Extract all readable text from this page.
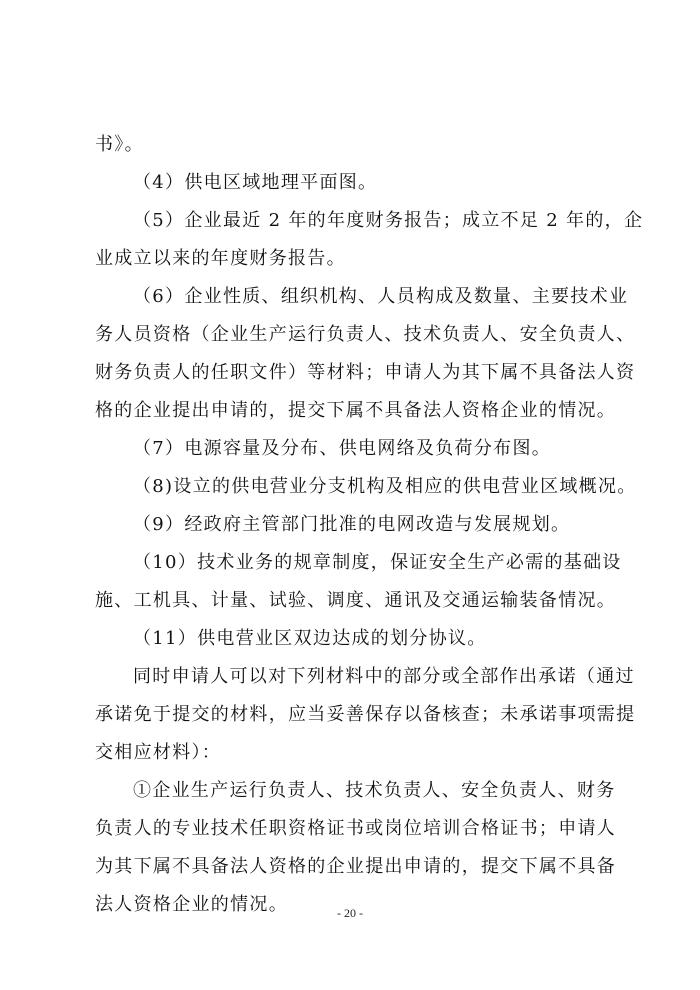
书》。
（4）供电区域地理平面图。
（5）企业最近 2 年的年度财务报告；成立不足 2 年的，企
业成立以来的年度财务报告。
（6）企业性质、组织机构、人员构成及数量、主要技术业
务人员资格（企业生产运行负责人、技术负责人、安全负责人、
财务负责人的任职文件）等材料；申请人为其下属不具备法人资
格的企业提出申请的，提交下属不具备法人资格企业的情况。
（7）电源容量及分布、供电网络及负荷分布图。
（8)设立的供电营业分支机构及相应的供电营业区域概况。
（9）经政府主管部门批准的电网改造与发展规划。
（10）技术业务的规章制度，保证安全生产必需的基础设
施、工机具、计量、试验、调度、通讯及交通运输装备情况。
（11）供电营业区双边达成的划分协议。
同时申请人可以对下列材料中的部分或全部作出承诺（通过
承诺免于提交的材料，应当妥善保存以备核查；未承诺事项需提
交相应材料）：
①企业生产运行负责人、技术负责人、安全负责人、财务
负责人的专业技术任职资格证书或岗位培训合格证书；申请人
为其下属不具备法人资格的企业提出申请的，提交下属不具备
法人资格企业的情况。	- 20 -
